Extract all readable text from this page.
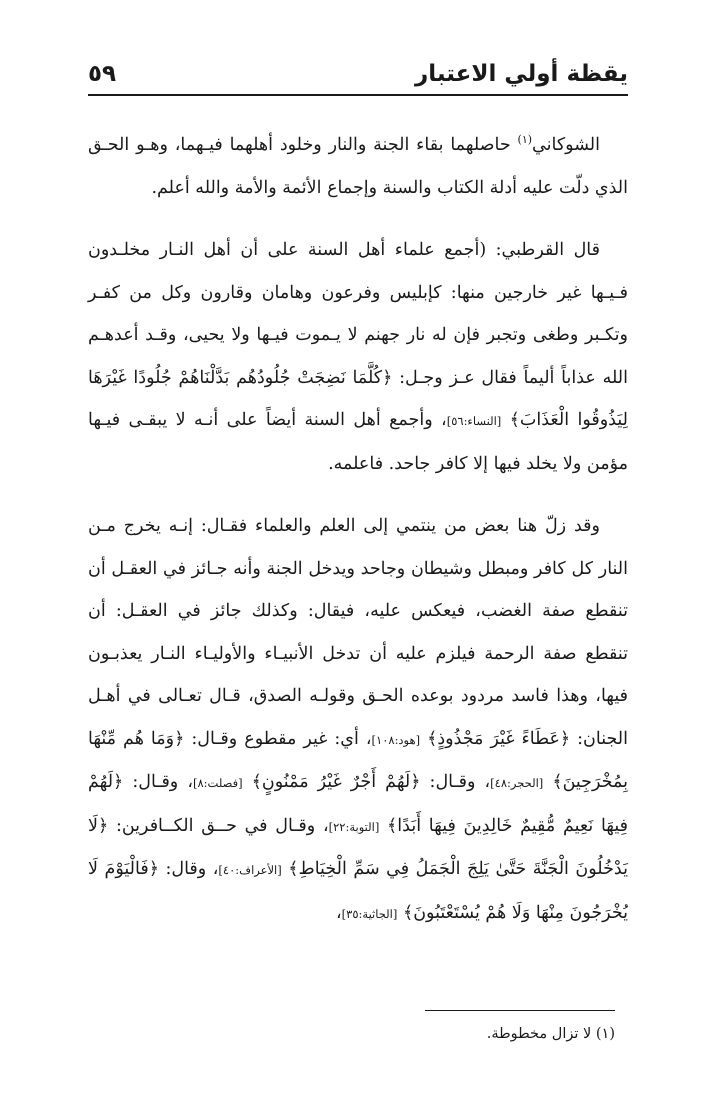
يقظة أولي الاعتبار
٥٩

الشوكاني$^{(١)}$ حاصلهما بقاء الجنة والنار وخلود أهلهما فيـهما، وهـو الحـق الذي دلّت عليه أدلة الكتاب والسنة وإجماع الأئمة والأمة والله أعلم.

قال القرطبي: (أجمع علماء أهل السنة على أن أهل النـار مخلـدون فـيـها غير خارجين منها: كإبليس وفرعون وهامان وقارون وكل من كفـر وتكـبر وطغى وتجبر فإن له نار جهنم لا يـموت فيـها ولا يحيى، وقـد أعدهـم الله عذاباً أليماً فقال عـز وجـل: ﴿كُلَّمَا نَضِجَتْ جُلُودُهُم بَدَّلْنَاهُمْ جُلُودًا غَيْرَهَا لِيَذُوقُوا الْعَذَابَ﴾ [النساء:٥٦]، وأجمع أهل السنة أيضاً على أنـه لا يبقـى فيـها مؤمن ولا يخلد فيها إلا كافر جاحد. فاعلمه.

وقد زلّ هنا بعض من ينتمي إلى العلم والعلماء فقـال: إنـه يخرج مـن النار كل كافر ومبطل وشيطان وجاحد ويدخل الجنة وأنه جـائز في العقـل أن تنقطع صفة الغضب، فيعكس عليه، فيقال: وكذلك جائز في العقـل: أن تنقطع صفة الرحمة فيلزم عليه أن تدخل الأنبيـاء والأوليـاء النـار يعذبـون فيها، وهذا فاسد مردود بوعده الحـق وقولـه الصدق، قـال تعـالى في أهـل الجنان: ﴿عَطَاءً غَيْرَ مَجْذُوذٍ﴾ [هود:١٠٨]، أي: غير مقطوع وقـال: ﴿وَمَا هُم مِّنْهَا بِمُخْرَجِينَ﴾ [الحجر:٤٨]، وقـال: ﴿لَهُمْ أَجْرٌ غَيْرُ مَمْنُونٍ﴾ [فصلت:٨]، وقـال: ﴿لَهُمْ فِيهَا نَعِيمٌ مُّقِيمٌ خَالِدِينَ فِيهَا أَبَدًا﴾ [التوبة:٢٢]، وقـال في حــق الكــافرين: ﴿لَا يَدْخُلُونَ الْجَنَّةَ حَتَّىٰ يَلِجَ الْجَمَلُ فِي سَمِّ الْخِيَاطِ﴾ [الأعراف:٤٠]، وقال: ﴿فَالْيَوْمَ لَا يُخْرَجُونَ مِنْهَا وَلَا هُمْ يُسْتَعْتَبُونَ﴾ [الجاثية:٣٥]،

(١) لا تزال مخطوطة.
